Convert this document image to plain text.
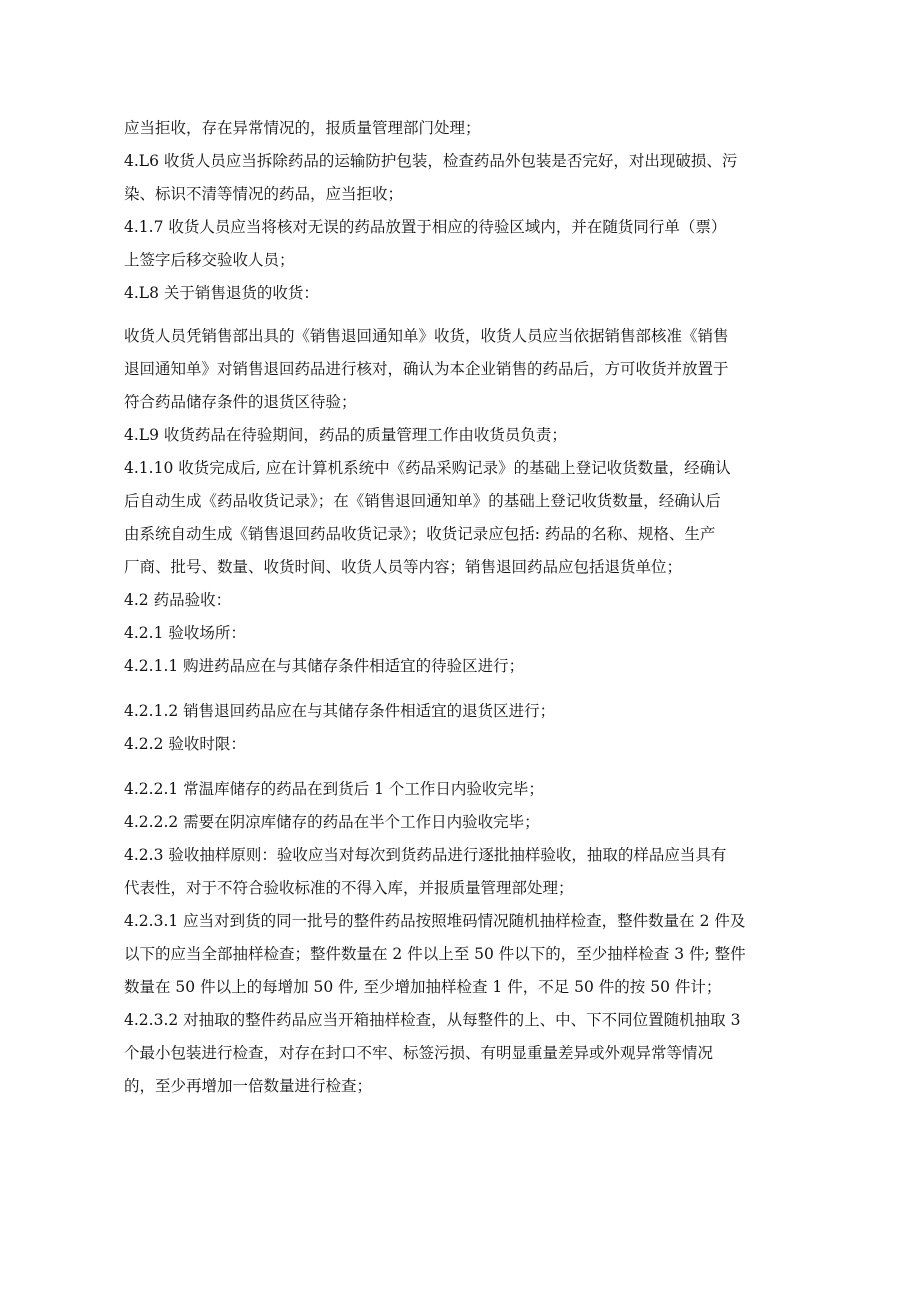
应当拒收，存在异常情况的，报质量管理部门处理；
4.L6 收货人员应当拆除药品的运输防护包装，检查药品外包装是否完好，对出现破损、污
染、标识不清等情况的药品，应当拒收；
4.1.7 收货人员应当将核对无误的药品放置于相应的待验区域内，并在随货同行单（票）
上签字后移交验收人员；
4.L8 关于销售退货的收货：
收货人员凭销售部出具的《销售退回通知单》收货，收货人员应当依据销售部核准《销售
退回通知单》对销售退回药品进行核对，确认为本企业销售的药品后，方可收货并放置于
符合药品储存条件的退货区待验；
4.L9 收货药品在待验期间，药品的质量管理工作由收货员负责；
4.1.10 收货完成后, 应在计算机系统中《药品采购记录》的基础上登记收货数量，经确认
后自动生成《药品收货记录》；在《销售退回通知单》的基础上登记收货数量，经确认后
由系统自动生成《销售退回药品收货记录》；收货记录应包括: 药品的名称、规格、生产
厂商、批号、数量、收货时间、收货人员等内容；销售退回药品应包括退货单位；
4.2 药品验收：
4.2.1 验收场所：
4.2.1.1 购进药品应在与其储存条件相适宜的待验区进行；
4.2.1.2 销售退回药品应在与其储存条件相适宜的退货区进行；
4.2.2 验收时限：
4.2.2.1 常温库储存的药品在到货后 1 个工作日内验收完毕；
4.2.2.2 需要在阴凉库储存的药品在半个工作日内验收完毕；
4.2.3 验收抽样原则：验收应当对每次到货药品进行逐批抽样验收，抽取的样品应当具有
代表性，对于不符合验收标准的不得入库，并报质量管理部处理；
4.2.3.1 应当对到货的同一批号的整件药品按照堆码情况随机抽样检查，整件数量在 2 件及
以下的应当全部抽样检查；整件数量在 2 件以上至 50 件以下的，至少抽样检查 3 件; 整件
数量在 50 件以上的每增加 50 件, 至少增加抽样检查 1 件，不足 50 件的按 50 件计；
4.2.3.2 对抽取的整件药品应当开箱抽样检查，从每整件的上、中、下不同位置随机抽取 3
个最小包装进行检查，对存在封口不牢、标签污损、有明显重量差异或外观异常等情况
的，至少再增加一倍数量进行检查；
